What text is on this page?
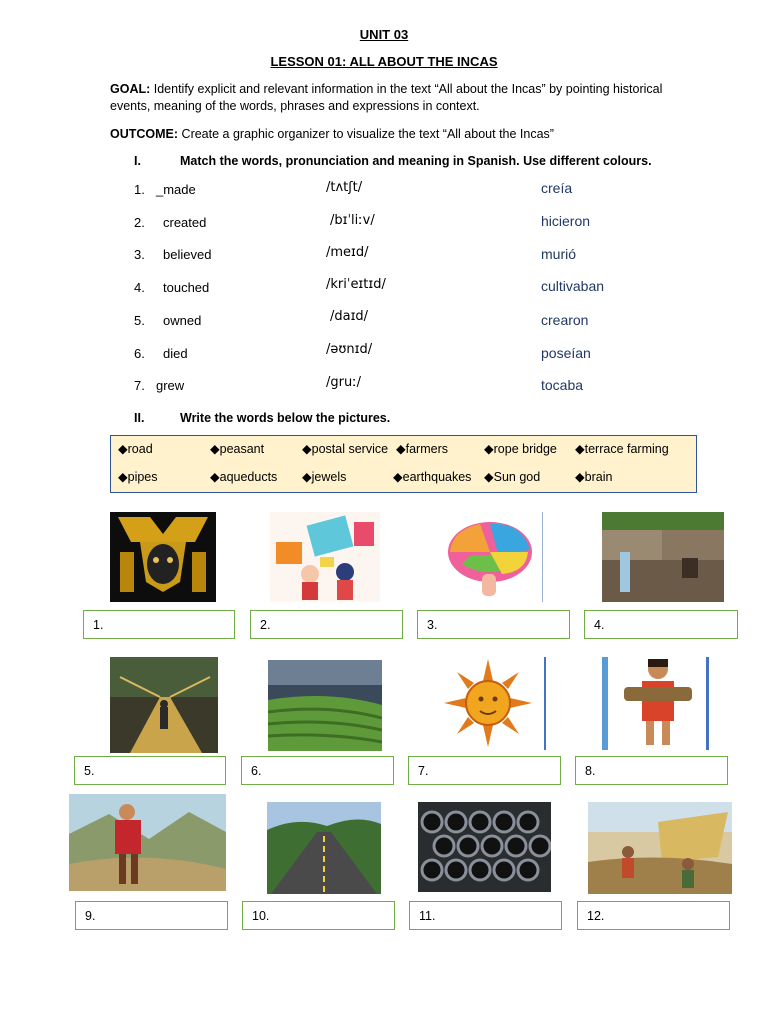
UNIT 03
LESSON 01: ALL ABOUT THE INCAS
GOAL: Identify explicit and relevant information in the text “All about the Incas” by pointing historical events, meaning of the words, phrases and expressions in context.
OUTCOME: Create a graphic organizer to visualize the text “All about the Incas”
I.	Match the words, pronunciation and meaning in Spanish. Use different colours.
1. _made	/tʌtʃt/	creía
2. created	/bɪˈliːv/	hicieron
3. believed	/meɪd/	murió
4. touched	/kriˈeɪtɪd/	cultivaban
5. owned	/daɪd/	crearon
6. died	/əʊnɪd/	poseían
7. grew	/gruː/	tocaba
II.	Write the words below the pictures.
◆road	◆peasant	◆postal service ◆farmers	◆rope bridge ◆terrace farming
◆pipes	◆aqueducts ◆jewels	◆earthquakes ◆Sun god	◆brain
1.	2.	3.	4.
5.	6.	7.	8.
9.	10.	11.	12.
